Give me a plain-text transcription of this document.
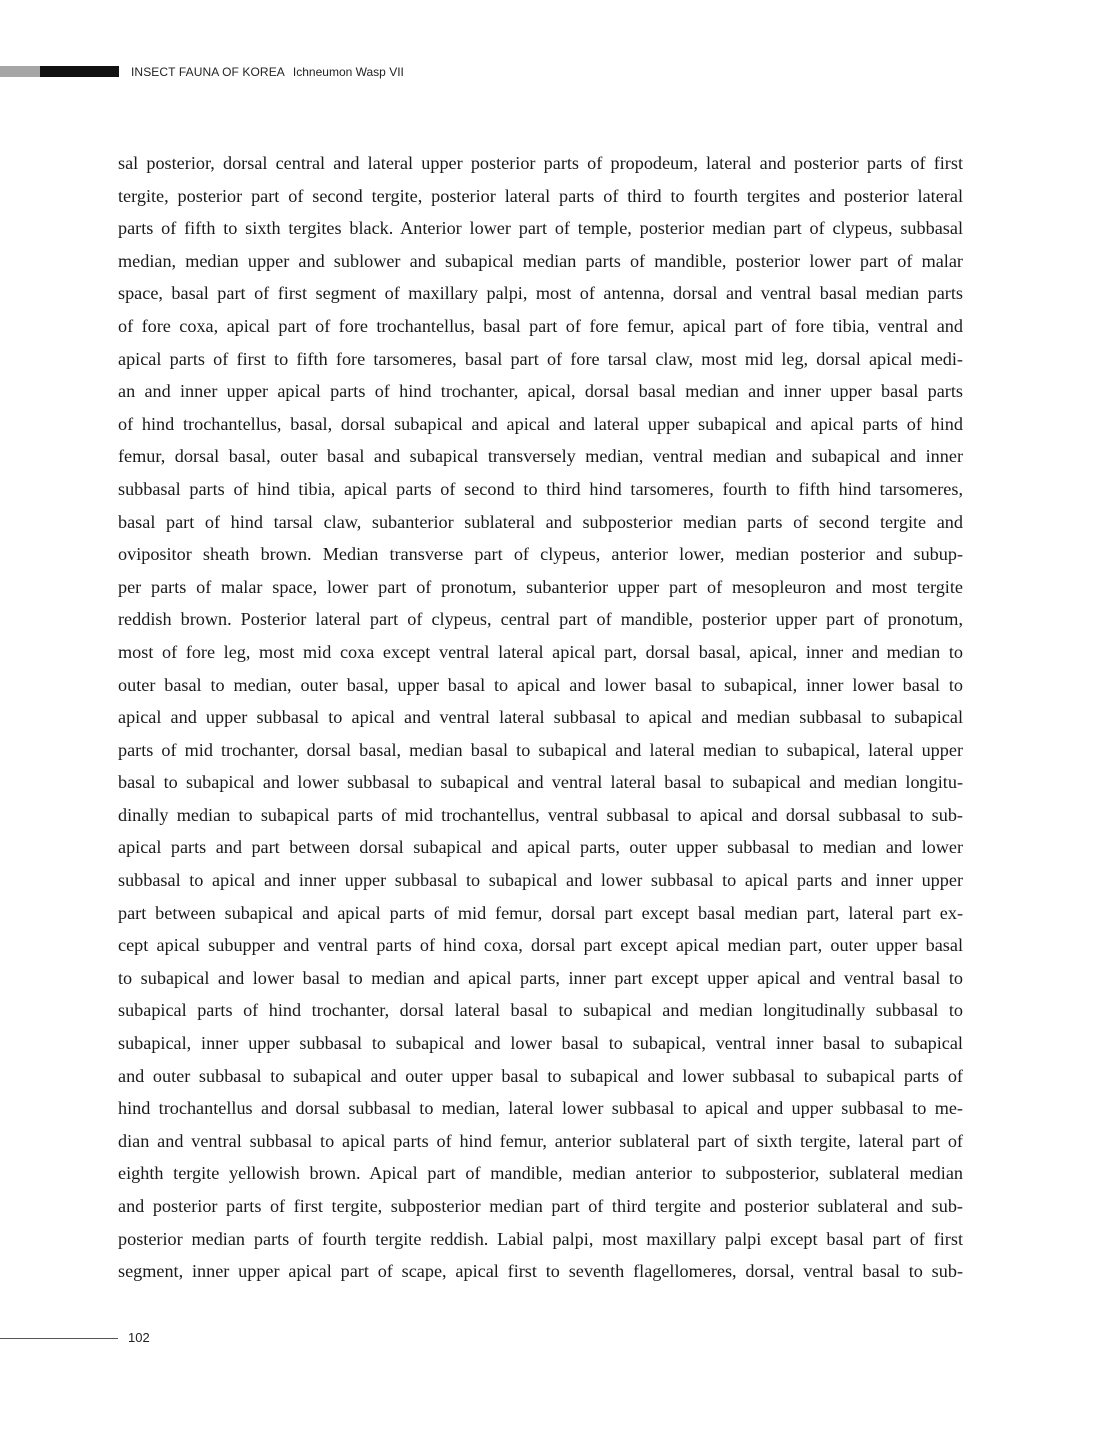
INSECT FAUNA OF KOREA Ichneumon Wasp VII
sal posterior, dorsal central and lateral upper posterior parts of propodeum, lateral and posterior parts of first
tergite, posterior part of second tergite, posterior lateral parts of third to fourth tergites and posterior lateral
parts of fifth to sixth tergites black. Anterior lower part of temple, posterior median part of clypeus, subbasal
median, median upper and sublower and subapical median parts of mandible, posterior lower part of malar
space, basal part of first segment of maxillary palpi, most of antenna, dorsal and ventral basal median parts
of fore coxa, apical part of fore trochantellus, basal part of fore femur, apical part of fore tibia, ventral and
apical parts of first to fifth fore tarsomeres, basal part of fore tarsal claw, most mid leg, dorsal apical medi-
an and inner upper apical parts of hind trochanter, apical, dorsal basal median and inner upper basal parts
of hind trochantellus, basal, dorsal subapical and apical and lateral upper subapical and apical parts of hind
femur, dorsal basal, outer basal and subapical transversely median, ventral median and subapical and inner
subbasal parts of hind tibia, apical parts of second to third hind tarsomeres, fourth to fifth hind tarsomeres,
basal part of hind tarsal claw, subanterior sublateral and subposterior median parts of second tergite and
ovipositor sheath brown. Median transverse part of clypeus, anterior lower, median posterior and subup-
per parts of malar space, lower part of pronotum, subanterior upper part of mesopleuron and most tergite
reddish brown. Posterior lateral part of clypeus, central part of mandible, posterior upper part of pronotum,
most of fore leg, most mid coxa except ventral lateral apical part, dorsal basal, apical, inner and median to
outer basal to median, outer basal, upper basal to apical and lower basal to subapical, inner lower basal to
apical and upper subbasal to apical and ventral lateral subbasal to apical and median subbasal to subapical
parts of mid trochanter, dorsal basal, median basal to subapical and lateral median to subapical, lateral upper
basal to subapical and lower subbasal to subapical and ventral lateral basal to subapical and median longitu-
dinally median to subapical parts of mid trochantellus, ventral subbasal to apical and dorsal subbasal to sub-
apical parts and part between dorsal subapical and apical parts, outer upper subbasal to median and lower
subbasal to apical and inner upper subbasal to subapical and lower subbasal to apical parts and inner upper
part between subapical and apical parts of mid femur, dorsal part except basal median part, lateral part ex-
cept apical subupper and ventral parts of hind coxa, dorsal part except apical median part, outer upper basal
to subapical and lower basal to median and apical parts, inner part except upper apical and ventral basal to
subapical parts of hind trochanter, dorsal lateral basal to subapical and median longitudinally subbasal to
subapical, inner upper subbasal to subapical and lower basal to subapical, ventral inner basal to subapical
and outer subbasal to subapical and outer upper basal to subapical and lower subbasal to subapical parts of
hind trochantellus and dorsal subbasal to median, lateral lower subbasal to apical and upper subbasal to me-
dian and ventral subbasal to apical parts of hind femur, anterior sublateral part of sixth tergite, lateral part of
eighth tergite yellowish brown. Apical part of mandible, median anterior to subposterior, sublateral median
and posterior parts of first tergite, subposterior median part of third tergite and posterior sublateral and sub-
posterior median parts of fourth tergite reddish. Labial palpi, most maxillary palpi except basal part of first
segment, inner upper apical part of scape, apical first to seventh flagellomeres, dorsal, ventral basal to sub-
102
